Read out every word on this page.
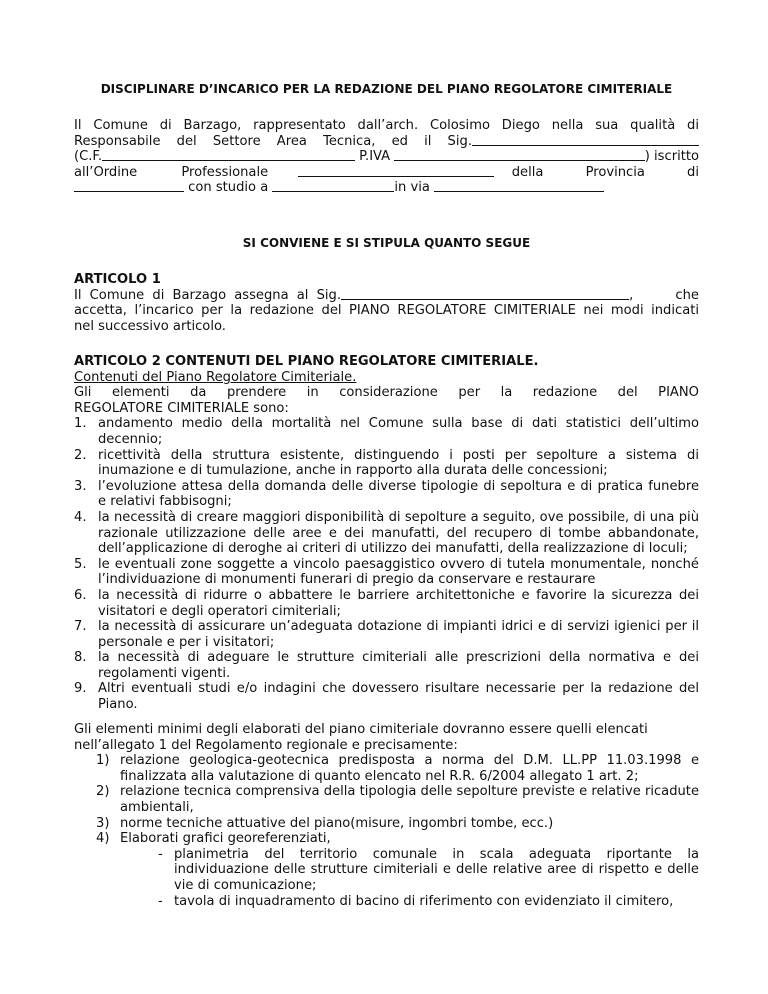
DISCIPLINARE D’INCARICO PER LA REDAZIONE DEL PIANO REGOLATORE CIMITERIALE
Il Comune di Barzago, rappresentato dall’arch. Colosimo Diego nella sua qualità di
Responsabile del Settore Area Tecnica, ed il Sig.
(C.F.	P.IVA	) iscritto
all’Ordine Professionale	della Provincia di
con studio a	in via
SI CONVIENE E SI STIPULA QUANTO SEGUE
ARTICOLO 1
Il Comune di Barzago assegna al Sig.	, che
accetta, l’incarico per la redazione del PIANO REGOLATORE CIMITERIALE nei modi indicati
nel successivo articolo.
ARTICOLO 2 CONTENUTI DEL PIANO REGOLATORE CIMITERIALE.
Contenuti del Piano Regolatore Cimiteriale.
Gli elementi da prendere in considerazione per la redazione del PIANO
REGOLATORE CIMITERIALE sono:
1. andamento medio della mortalità nel Comune sulla base di dati statistici dell’ultimo decennio;
2. ricettività della struttura esistente, distinguendo i posti per sepolture a sistema di inumazione e di tumulazione, anche in rapporto alla durata delle concessioni;
3. l’evoluzione attesa della domanda delle diverse tipologie di sepoltura e di pratica funebre e relativi fabbisogni;
4. la necessità di creare maggiori disponibilità di sepolture a seguito, ove possibile, di una più razionale utilizzazione delle aree e dei manufatti, del recupero di tombe abbandonate, dell’applicazione di deroghe ai criteri di utilizzo dei manufatti, della realizzazione di loculi;
5. le eventuali zone soggette a vincolo paesaggistico ovvero di tutela monumentale, nonché l’individuazione di monumenti funerari di pregio da conservare e restaurare
6. la necessità di ridurre o abbattere le barriere architettoniche e favorire la sicurezza dei visitatori e degli operatori cimiteriali;
7. la necessità di assicurare un’adeguata dotazione di impianti idrici e di servizi igienici per il personale e per i visitatori;
8. la necessità di adeguare le strutture cimiteriali alle prescrizioni della normativa e dei regolamenti vigenti.
9. Altri eventuali studi e/o indagini che dovessero risultare necessarie per la redazione del Piano.
Gli elementi minimi degli elaborati del piano cimiteriale dovranno essere quelli elencati
nell’allegato 1 del Regolamento regionale e precisamente:
1) relazione geologica-geotecnica predisposta a norma del D.M. LL.PP 11.03.1998 e finalizzata alla valutazione di quanto elencato nel R.R. 6/2004 allegato 1 art. 2;
2) relazione tecnica comprensiva della tipologia delle sepolture previste e relative ricadute ambientali,
3) norme tecniche attuative del piano(misure, ingombri tombe, ecc.)
4) Elaborati grafici georeferenziati,
- planimetria del territorio comunale in scala adeguata riportante la individuazione delle strutture cimiteriali e delle relative aree di rispetto e delle vie di comunicazione;
- tavola di inquadramento di bacino di riferimento con evidenziato il cimitero,
